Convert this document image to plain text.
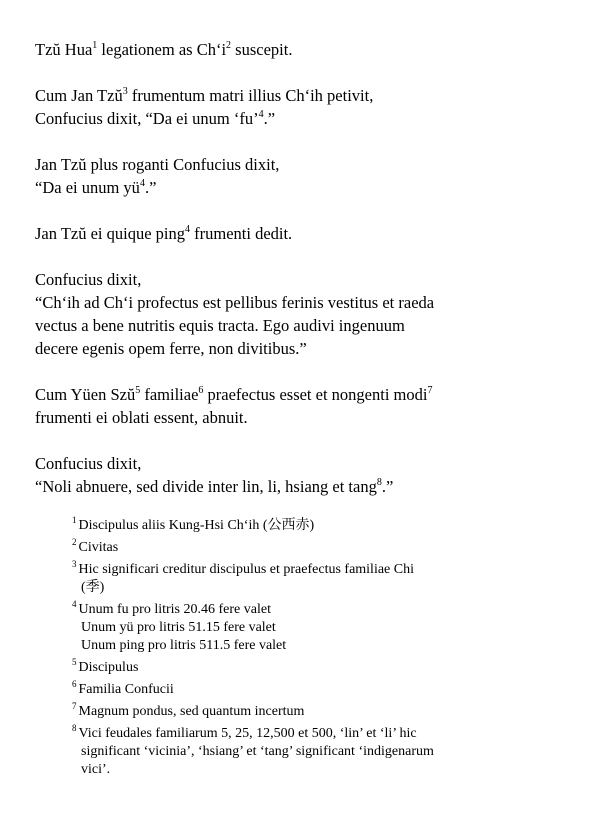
Tzŭ Hua$^1$ legationem as $Ch‘i^2$ suscepit.

Cum Jan Tzŭ$^3$ frumentum matri illius Ch‘ih petivit,
Confucius dixit, “Da ei unum ‘fu’$^4$.”

Jan Tzŭ plus roganti Confucius dixit,
“Da ei unum $yü^4$.”

Jan Tzŭ ei quique ping$^4$ frumenti dedit.

Confucius dixit,
“Ch‘ih ad Ch‘i profectus est pellibus ferinis vestitus et raeda
vectus a bene nutritis equis tracta. Ego audivi ingenuum
decere egenis opem ferre, non divitibus.”

Cum Yüen Szŭ$^5$ familiae$^6$ praefectus esset et nongenti modi$^7$
frumenti ei oblati essent, abnuit.

Confucius dixit,
“Noli abnuere, sed divide inter lin, li, hsiang et tang$^8$.”

$^1$ Discipulus aliis Kung-Hsi Ch‘ih (公西赤)
$^2$ Civitas
$^3$ Hic significari creditur discipulus et praefectus familiae Chi
(季)
$^4$ Unum fu pro litris 20.46 fere valet
Unum yü pro litris 51.15 fere valet
Unum ping pro litris 511.5 fere valet
$^5$ Discipulus
$^6$ Familia Confucii
$^7$ Magnum pondus, sed quantum incertum
$^8$ Vici feudales familiarum 5, 25, 12,500 et 500, ‘lin’ et ‘li’ hic
significant ‘vicinia’, ‘hsiang’ et ‘tang’ significant ‘indigenarum
vici’.
